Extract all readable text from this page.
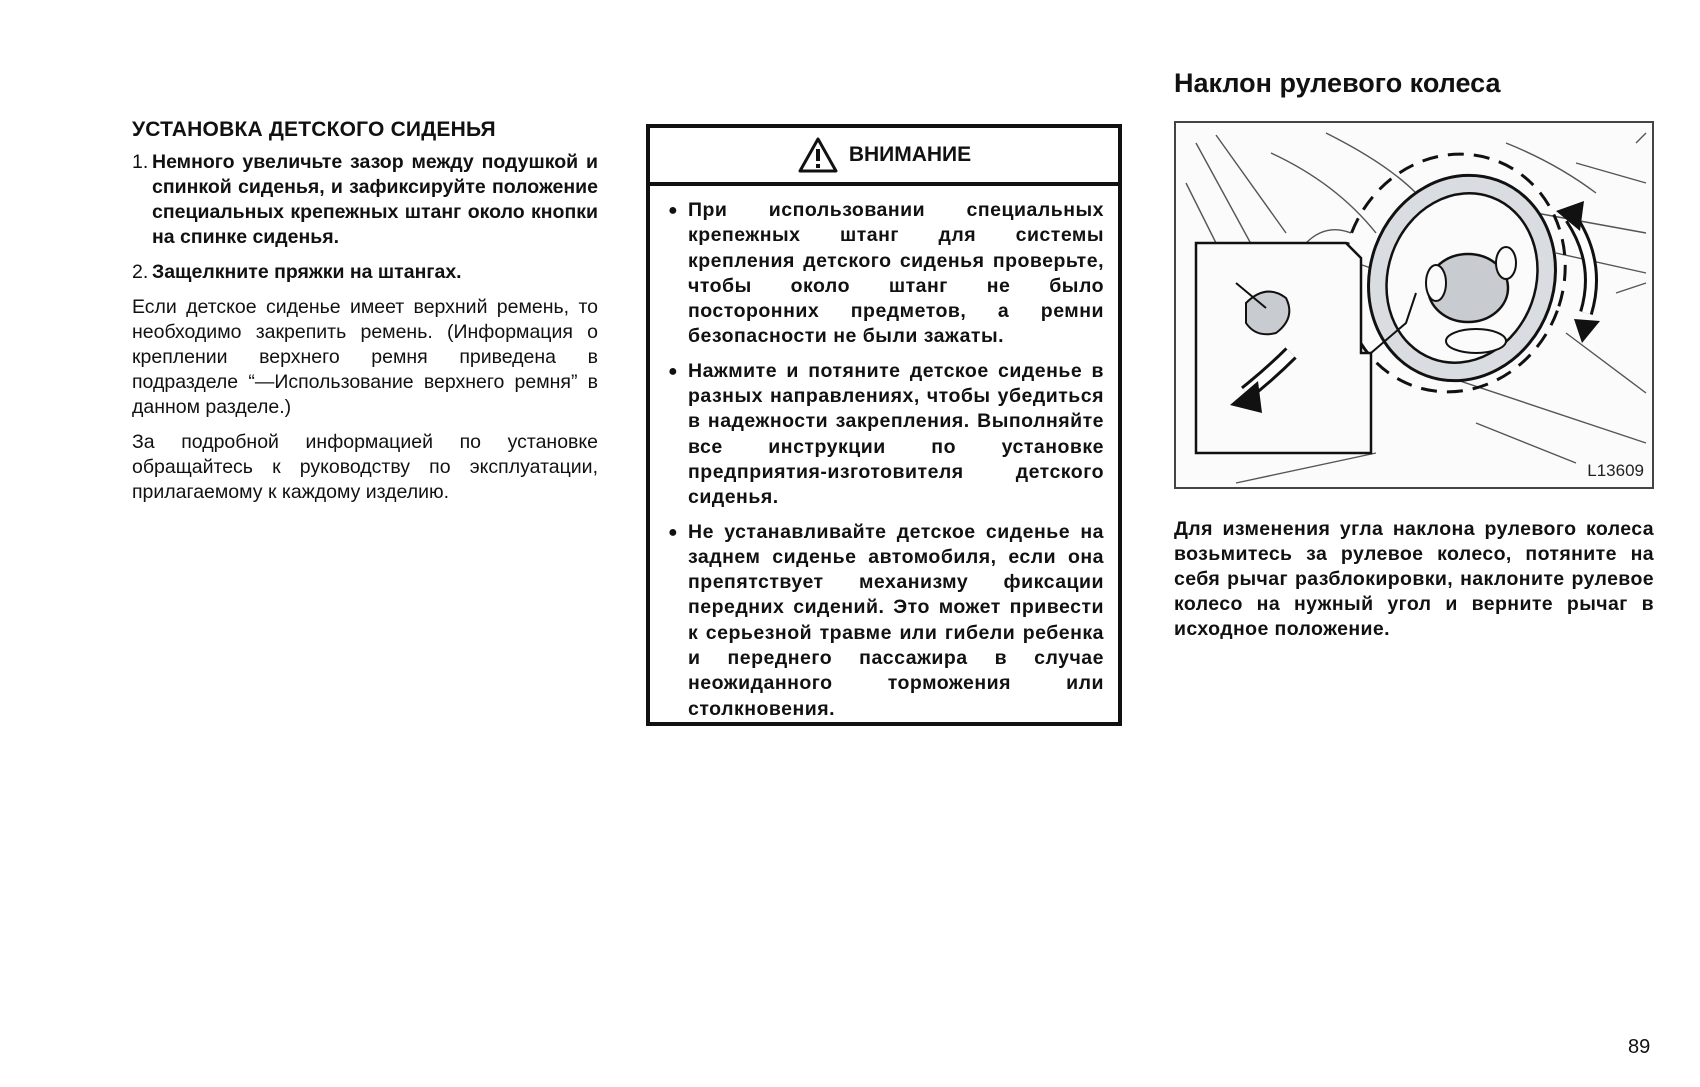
УСТАНОВКА ДЕТСКОГО СИДЕНЬЯ
1. Немного увеличьте зазор между подушкой и спинкой сиденья, и зафиксируйте положение специальных крепежных штанг около кнопки на спинке сиденья.
2. Защелкните пряжки на штангах.

Если детское сиденье имеет верхний ремень, то необходимо закрепить ремень. (Информация о креплении верхнего ремня приведена в подразделе “—Использование верхнего ремня” в данном разделе.)

За подробной информацией по установке обращайтесь к руководству по эксплуатации, прилагаемому к каждому изделию.

ВНИМАНИЕ
● При использовании специальных крепежных штанг для системы крепления детского сиденья проверьте, чтобы около штанг не было посторонних предметов, а ремни безопасности не были зажаты.
● Нажмите и потяните детское сиденье в разных направлениях, чтобы убедиться в надежности закрепления. Выполняйте все инструкции по установке предприятия-изготовителя детского сиденья.
● Не устанавливайте детское сиденье на заднем сиденье автомобиля, если она препятствует механизму фиксации передних сидений. Это может привести к серьезной травме или гибели ребенка и переднего пассажира в случае неожиданного торможения или столкновения.
Наклон рулевого колеса
L13609
Для изменения угла наклона рулевого колеса возьмитесь за рулевое колесо, потяните на себя рычаг разблокировки, наклоните рулевое колесо на нужный угол и верните рычаг в исходное положение.
89
